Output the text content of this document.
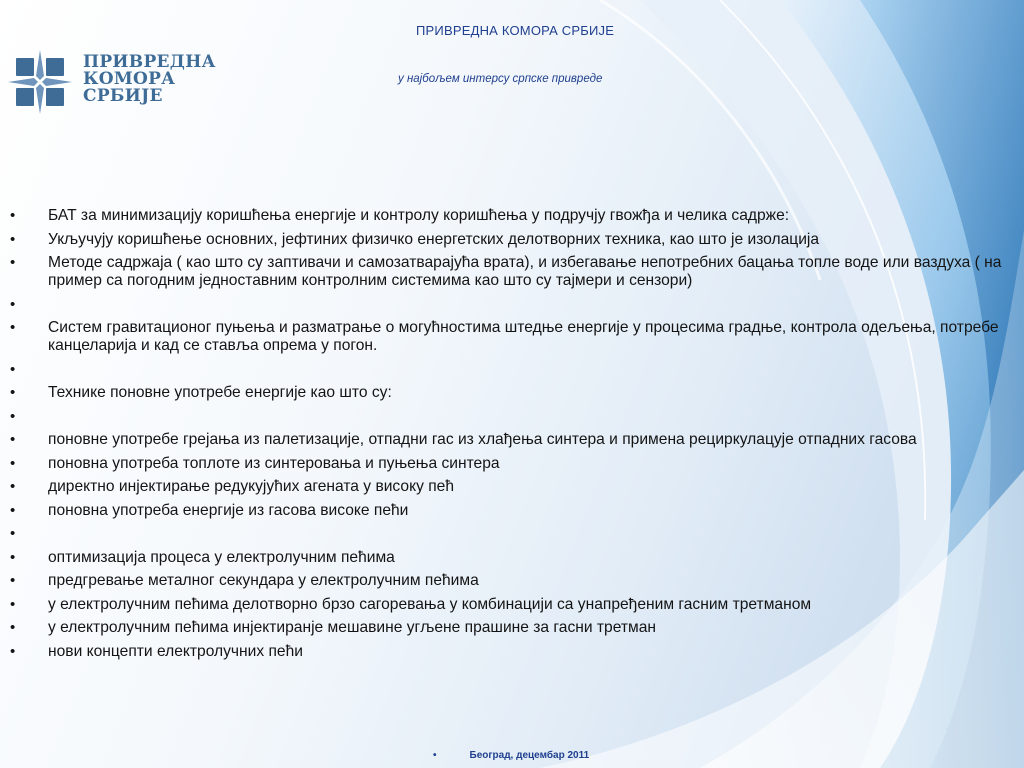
ПРИВРЕДНА
КОМОРА
СРБИЈЕ
ПРИВРЕДНА КОМОРА СРБИЈЕ
у најбољем интерсу српске привреде
• БАТ за минимизацију коришћења енергије и контролу коришћења у подручју гвожђа и челика садрже:
• Укључују коришћење основних, јефтиних физичко енергетских делотворних техника, као што је изолација
• Методе садржаја ( као што су заптивачи и самозатварајућа врата), и избегавање непотребних бацања топле воде или ваздуха ( на пример са погодним једноставним контролним системима као што су тајмери и сензори)
•
• Систем гравитационог пуњења и разматрање о могућностима штедње енергије у процесима градње, контрола одељења, потребе канцеларија и кад се ставља опрема у погон.
•
• Технике поновне употребе енергије као што су:
•
• поновне употребе грејања из палетизације, отпадни гас из хлађења синтера и примена рециркулацује отпадних гасова
• поновна употреба топлоте из синтеровања и пуњења синтера
• директно инјектирање редукујућих агената у високу пећ
• поновна употреба енергије из гасова високе пећи
•
• оптимизација процеса у електролучним пећима
• предгревање металног секундара у електролучним пећима
• у електролучним пећима делотворно брзо сагоревања у комбинацији са унапређеним гасним третманом
• у електролучним пећима инјектиранје мешавине угљене прашине за гасни третман
• нови концепти електролучних пећи
14
•	Београд, децембар 2011
